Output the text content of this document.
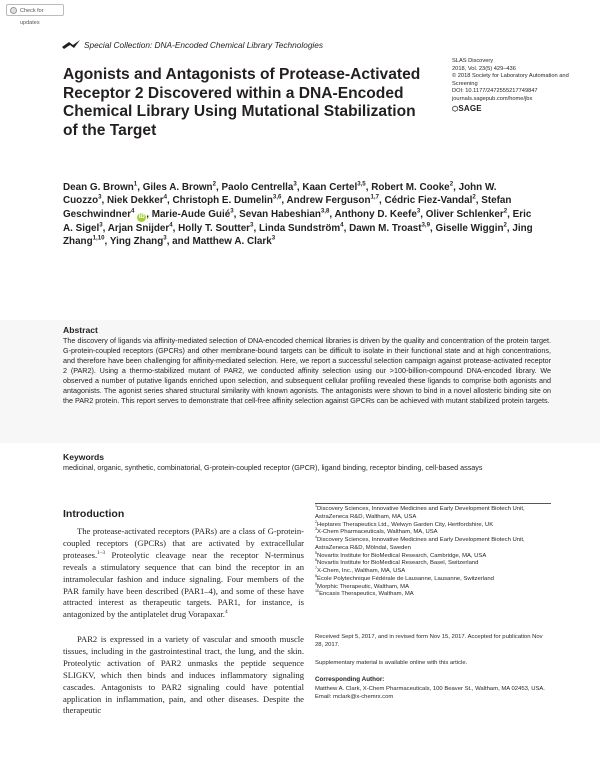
Check for updates
Special Collection: DNA-Encoded Chemical Library Technologies
Agonists and Antagonists of Protease-Activated Receptor 2 Discovered within a DNA-Encoded Chemical Library Using Mutational Stabilization of the Target
SLAS Discovery
2018, Vol. 23(5) 429–436
© 2018 Society for Laboratory Automation and Screening
DOI: 10.1177/2472555217749847
journals.sagepub.com/home/jbx
⬡SAGE
Dean G. Brown$^1$, Giles A. Brown$^2$, Paolo Centrella$^3$, Kaan Certel$^{3,5}$, Robert M. Cooke$^2$, John W. Cuozzo$^3$, Niek Dekker$^4$, Christoph E. Dumelin$^{3,6}$, Andrew Ferguson$^{1,7}$, Cédric Fiez-Vandal$^2$, Stefan Geschwindner$^4$ iD , Marie-Aude Guié$^3$, Sevan Habeshian$^{3,8}$, Anthony D. Keefe$^3$, Oliver Schlenker$^2$, Eric A. Sigel$^3$, Arjan Snijder$^4$, Holly T. Soutter$^3$, Linda Sundström$^4$, Dawn M. Troast$^{3,9}$, Giselle Wiggin$^2$, Jing Zhang$^{1,10}$, Ying Zhang$^3$, and Matthew A. Clark$^3$
Abstract
The discovery of ligands via affinity-mediated selection of DNA-encoded chemical libraries is driven by the quality and concentration of the protein target. G-protein-coupled receptors (GPCRs) and other membrane-bound targets can be difficult to isolate in their functional state and at high concentrations, and therefore have been challenging for affinity-mediated selection. Here, we report a successful selection campaign against protease-activated receptor 2 (PAR2). Using a thermo-stabilized mutant of PAR2, we conducted affinity selection using our >100-billion-compound DNA-encoded library. We observed a number of putative ligands enriched upon selection, and subsequent cellular profiling revealed these ligands to comprise both agonists and antagonists. The agonist series shared structural similarity with known agonists. The antagonists were shown to bind in a novel allosteric binding site on the PAR2 protein. This report serves to demonstrate that cell-free affinity selection against GPCRs can be achieved with mutant stabilized protein targets.
Keywords
medicinal, organic, synthetic, combinatorial, G-protein-coupled receptor (GPCR), ligand binding, receptor binding, cell-based assays
Introduction
The protease-activated receptors (PARs) are a class of G-protein-coupled receptors (GPCRs) that are activated by extracellular proteases.$^{1-3}$ Proteolytic cleavage near the receptor N-terminus reveals a stimulatory sequence that can bind the receptor in an intramolecular fashion and induce signaling. Four members of the PAR family have been described (PAR1–4), and some of these have attracted interest as therapeutic targets. PAR1, for instance, is antagonized by the antiplatelet drug Vorapaxar.$^4$
PAR2 is expressed in a variety of vascular and smooth muscle tissues, including in the gastrointestinal tract, the lung, and the skin. Proteolytic activation of PAR2 unmasks the peptide sequence SLIGKV, which then binds and induces inflammatory signaling cascades. Antagonists to PAR2 signaling could have potential application in inflammation, pain, and other diseases. Despite the therapeutic
$^1$Discovery Sciences, Innovative Medicines and Early Development Biotech Unit, AstraZeneca R&D, Waltham, MA, USA
$^2$Heptares Therapeutics Ltd., Welwyn Garden City, Hertfordshire, UK
$^3$X-Chem Pharmaceuticals, Waltham, MA, USA
$^4$Discovery Sciences, Innovative Medicines and Early Development Biotech Unit, AstraZeneca R&D, Mölndal, Sweden
$^5$Novartis Institute for BioMedical Research, Cambridge, MA, USA
$^6$Novartis Institute for BioMedical Research, Basel, Switzerland
$^7$X-Chem, Inc., Waltham, MA, USA
$^8$École Polytechnique Fédérale de Lausanne, Lausanne, Switzerland
$^9$Morphic Therapeutic, Waltham, MA
$^{10}$Encasis Therapeutics, Waltham, MA
Received Sept 5, 2017, and in revised form Nov 15, 2017. Accepted for publication Nov 28, 2017.
Supplementary material is available online with this article.
Corresponding Author:
Matthew A. Clark, X-Chem Pharmaceuticals, 100 Beaver St., Waltham, MA 02453, USA.
Email: mclark@x-chemrx.com
